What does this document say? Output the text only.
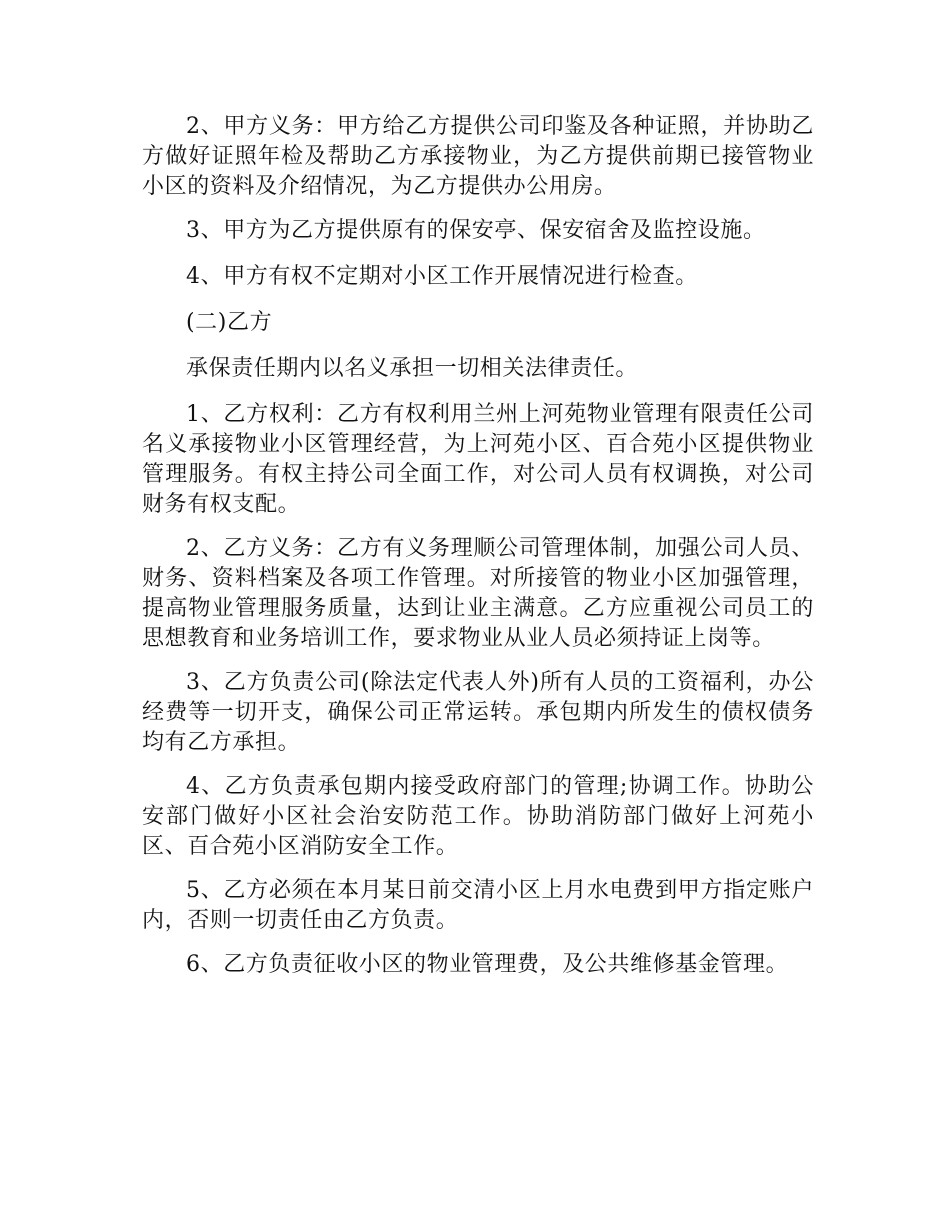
2、甲方义务：甲方给乙方提供公司印鉴及各种证照，并协助乙方做好证照年检及帮助乙方承接物业，为乙方提供前期已接管物业小区的资料及介绍情况，为乙方提供办公用房。

3、甲方为乙方提供原有的保安亭、保安宿舍及监控设施。

4、甲方有权不定期对小区工作开展情况进行检查。

(二)乙方

承保责任期内以名义承担一切相关法律责任。

1、乙方权利：乙方有权利用兰州上河苑物业管理有限责任公司名义承接物业小区管理经营，为上河苑小区、百合苑小区提供物业管理服务。有权主持公司全面工作，对公司人员有权调换，对公司财务有权支配。

2、乙方义务：乙方有义务理顺公司管理体制，加强公司人员、财务、资料档案及各项工作管理。对所接管的物业小区加强管理，提高物业管理服务质量，达到让业主满意。乙方应重视公司员工的思想教育和业务培训工作，要求物业从业人员必须持证上岗等。

3、乙方负责公司(除法定代表人外)所有人员的工资福利，办公经费等一切开支，确保公司正常运转。承包期内所发生的债权债务均有乙方承担。

4、乙方负责承包期内接受政府部门的管理;协调工作。协助公安部门做好小区社会治安防范工作。协助消防部门做好上河苑小区、百合苑小区消防安全工作。

5、乙方必须在本月某日前交清小区上月水电费到甲方指定账户内，否则一切责任由乙方负责。

6、乙方负责征收小区的物业管理费，及公共维修基金管理。
